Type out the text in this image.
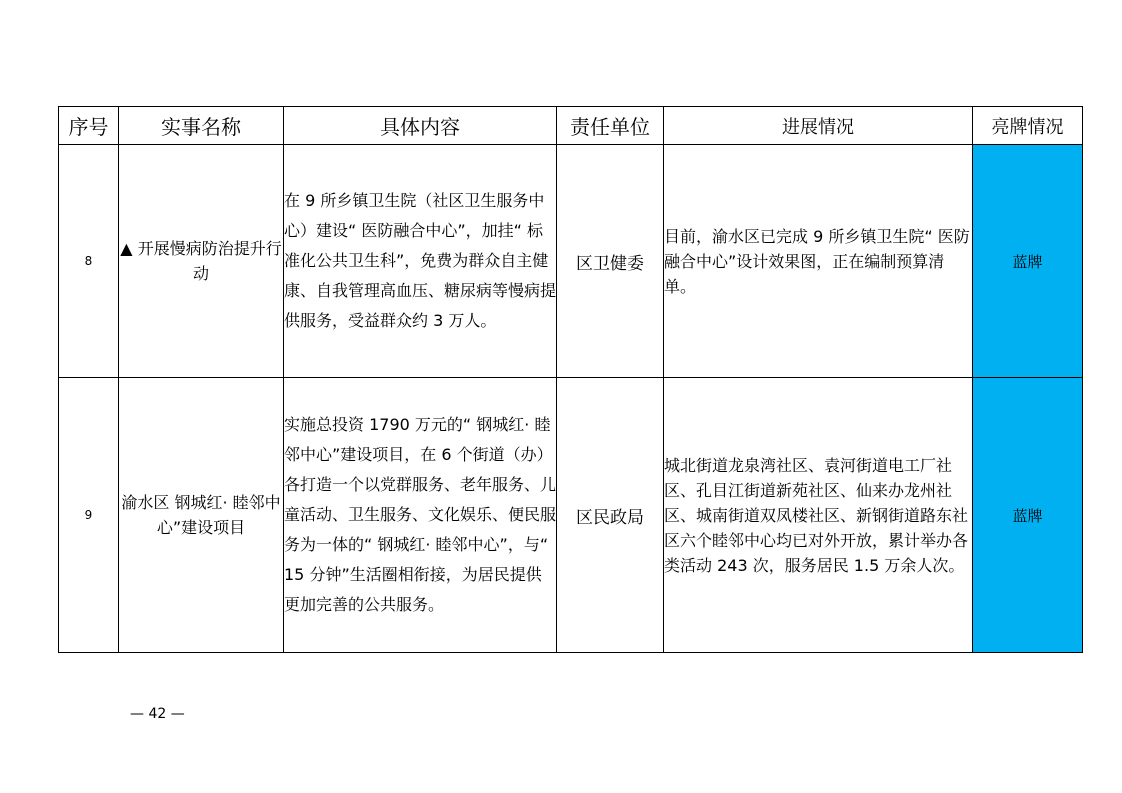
序号	实事名称	具体内容	责任单位	进展情况	亮牌情况
8	▲ 开展慢病防治提升行动	在 9 所乡镇卫生院（社区卫生服务中心）建设“ 医防融合中心”，加挂“ 标准化公共卫生科”，免费为群众自主健康、自我管理高血压、糖尿病等慢病提供服务，受益群众约 3 万人。	区卫健委	目前，渝水区已完成 9 所乡镇卫生院“ 医防融合中心”设计效果图，正在编制预算清单。	蓝牌
9	渝水区 钢城红· 睦邻中心”建设项目	实施总投资 1790 万元的“ 钢城红· 睦邻中心”建设项目，在 6 个街道（办）各打造一个以党群服务、老年服务、儿童活动、卫生服务、文化娱乐、便民服务为一体的“ 钢城红· 睦邻中心”，与“ 15 分钟”生活圈相衔接，为居民提供更加完善的公共服务。	区民政局	城北街道龙泉湾社区、袁河街道电工厂社区、孔目江街道新苑社区、仙来办龙州社区、城南街道双凤楼社区、新钢街道路东社区六个睦邻中心均已对外开放，累计举办各类活动 243 次，服务居民 1.5 万余人次。	蓝牌
— 42 —
